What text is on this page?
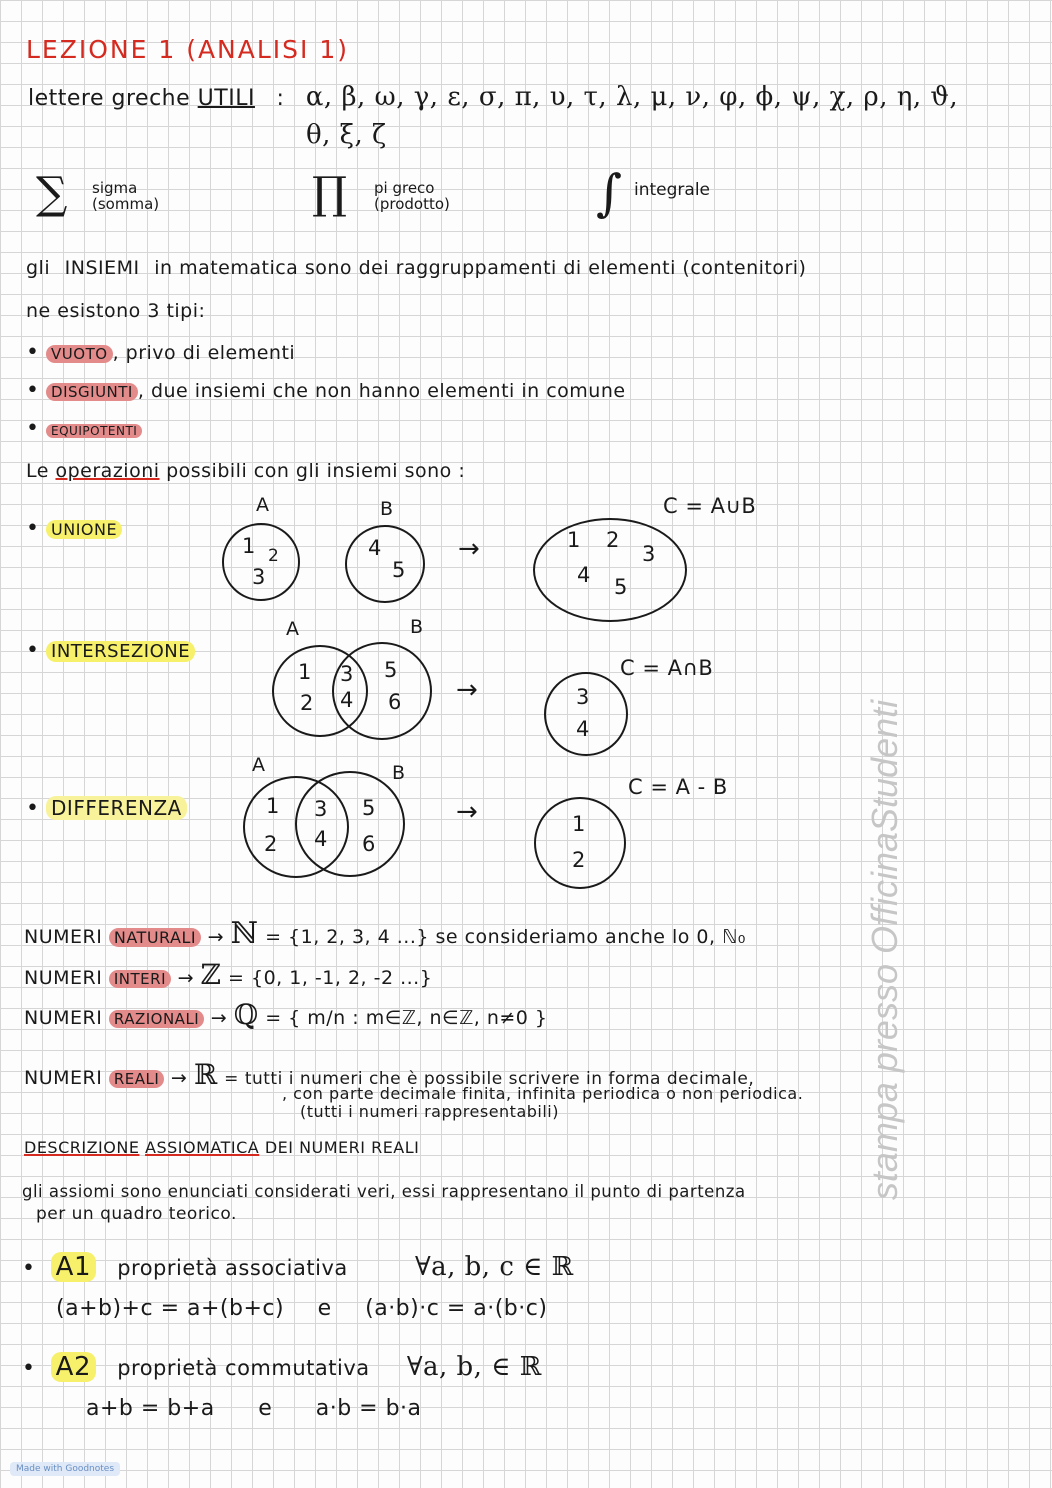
LEZIONE 1 (ANALISI 1)
lettere greche UTILI : α, β, ω, γ, ε, σ, π, υ, τ, λ, μ, ν, φ, ϕ, ψ, χ, ρ, η, ϑ,
θ, ξ, ζ
∑ sigma
(somma)	∏ pi greco
(prodotto)	∫ integrale
gli INSIEMI in matematica sono dei raggruppamenti di elementi (contenitori)
ne esistono 3 tipi:
• VUOTO , privo di elementi
• DISGIUNTI , due insiemi che non hanno elementi in comune
• EQUIPOTENTI
Le operazioni possibili con gli insiemi sono :
• UNIONE
A
1 2
3
B
4
5
→
C = A∪B
1 2
3
4 5
• INTERSEZIONE
A	B
1
2
3
4
5
6 →
C = A∩B
3
4
• DIFFERENZA
A	B
1
2
3
4
5
6
→
C = A - B
1
2
NUMERI NATURALI → ℕ = {1, 2, 3, 4 ...} se consideriamo anche lo 0, ℕ₀
NUMERI INTERI → ℤ = {0, 1, -1, 2, -2 ...}
NUMERI RAZIONALI → ℚ = { m/n : m∈ℤ, n∈ℤ, n≠0 }
NUMERI REALI → ℝ = tutti i numeri che è possibile scrivere in forma decimale,
, con parte decimale finita, infinita periodica o non periodica.
(tutti i numeri rappresentabili)
DESCRIZIONE ASSIOMATICA DEI NUMERI REALI
gli assiomi sono enunciati considerati veri, essi rappresentano il punto di partenza
per un quadro teorico.
• A1 proprietà associativa	∀a, b, c ∈ ℝ
(a+b)+c = a+(b+c) e (a·b)·c = a·(b·c)
• A2 proprietà commutativa ∀a, b, ∈ ℝ
a+b = b+a e a·b = b·a
stampa presso OfficinaStudenti
Made with Goodnotes
